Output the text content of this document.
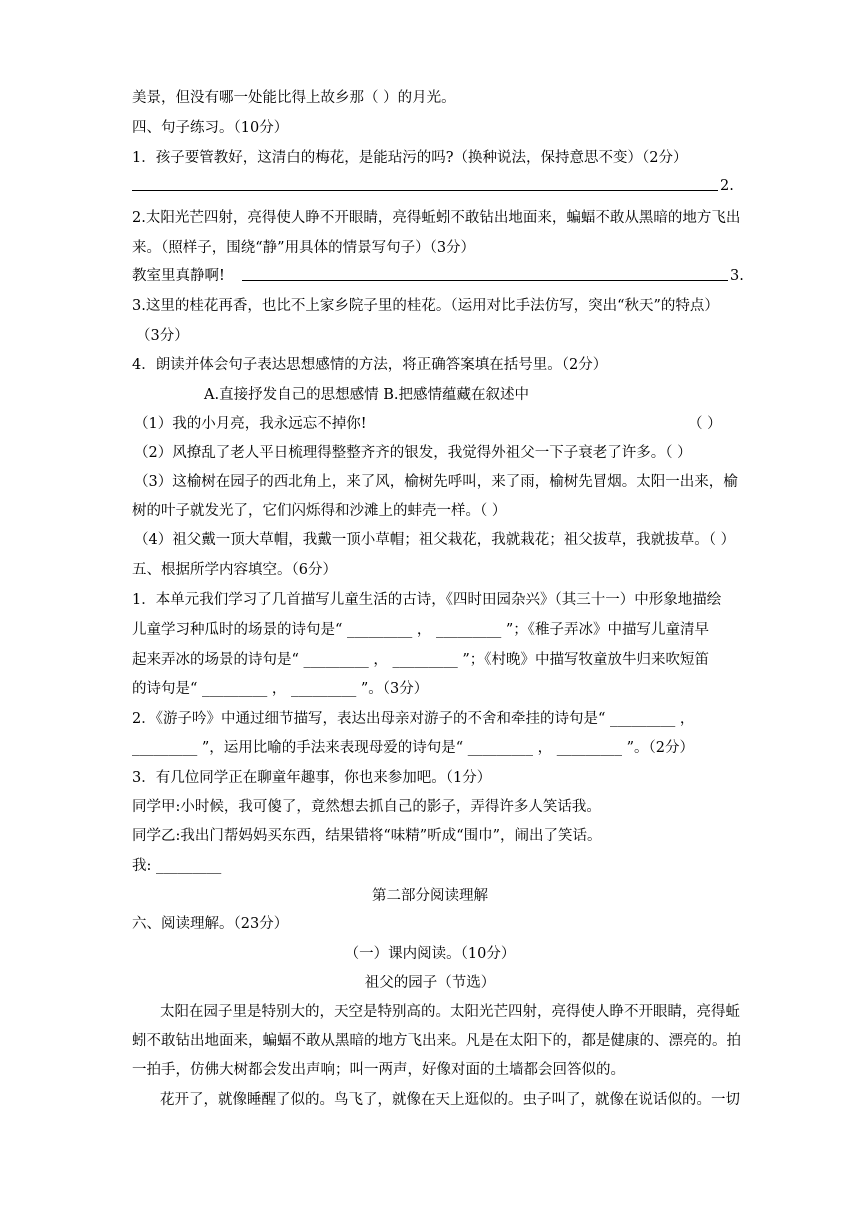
美景，但没有哪一处能比得上故乡那（ ）的月光。
四、句子练习。（10分）
1．孩子要管教好，这清白的梅花，是能玷污的吗?（换种说法，保持意思不变）（2分）
2.
2.太阳光芒四射，亮得使人睁不开眼睛，亮得蚯蚓不敢钻出地面来，蝙蝠不敢从黑暗的地方飞出
来。（照样子，围绕“静”用具体的情景写句子）（3分）
教室里真静啊!	3.
3.这里的桂花再香，也比不上家乡院子里的桂花。（运用对比手法仿写，突出“秋天”的特点）
（3分）
4．朗读并体会句子表达思想感情的方法，将正确答案填在括号里。（2分）
A.直接抒发自己的思想感情 B.把感情蕴藏在叙述中
（1）我的小月亮，我永远忘不掉你!	（ ）
（2）风撩乱了老人平日梳理得整整齐齐的银发，我觉得外祖父一下子衰老了许多。（ ）
（3）这榆树在园子的西北角上，来了风，榆树先呼叫，来了雨，榆树先冒烟。太阳一出来，榆
树的叶子就发光了，它们闪烁得和沙滩上的蚌壳一样。（ ）
（4）祖父戴一顶大草帽，我戴一顶小草帽；祖父栽花，我就栽花；祖父拔草，我就拔草。（ ）
五、根据所学内容填空。（6分）
1．本单元我们学习了几首描写儿童生活的古诗，《四时田园杂兴》（其三十一）中形象地描绘
儿童学习种瓜时的场景的诗句是“ _________ ， _________ ”；《稚子弄冰》中描写儿童清早
起来弄冰的场景的诗句是“ _________ ， _________ ”；《村晚》中描写牧童放牛归来吹短笛
的诗句是“ _________ ， _________ ”。（3分）
2．《游子吟》中通过细节描写，表达出母亲对游子的不舍和牵挂的诗句是“ _________ ，
_________ ”，运用比喻的手法来表现母爱的诗句是“ _________ ， _________ ”。（2分）
3．有几位同学正在聊童年趣事，你也来参加吧。（1分）
同学甲:小时候，我可傻了，竟然想去抓自己的影子，弄得许多人笑话我。
同学乙:我出门帮妈妈买东西，结果错将“味精”听成“围巾”，闹出了笑话。
我: _________
第二部分阅读理解
六、阅读理解。（23分）
（一）课内阅读。（10分）
祖父的园子（节选）
太阳在园子里是特别大的，天空是特别高的。太阳光芒四射，亮得使人睁不开眼睛，亮得蚯
蚓不敢钻出地面来，蝙蝠不敢从黑暗的地方飞出来。凡是在太阳下的，都是健康的、漂亮的。拍
一拍手，仿佛大树都会发出声响；叫一两声，好像对面的土墙都会回答似的。
花开了，就像睡醒了似的。鸟飞了，就像在天上逛似的。虫子叫了，就像在说话似的。一切
